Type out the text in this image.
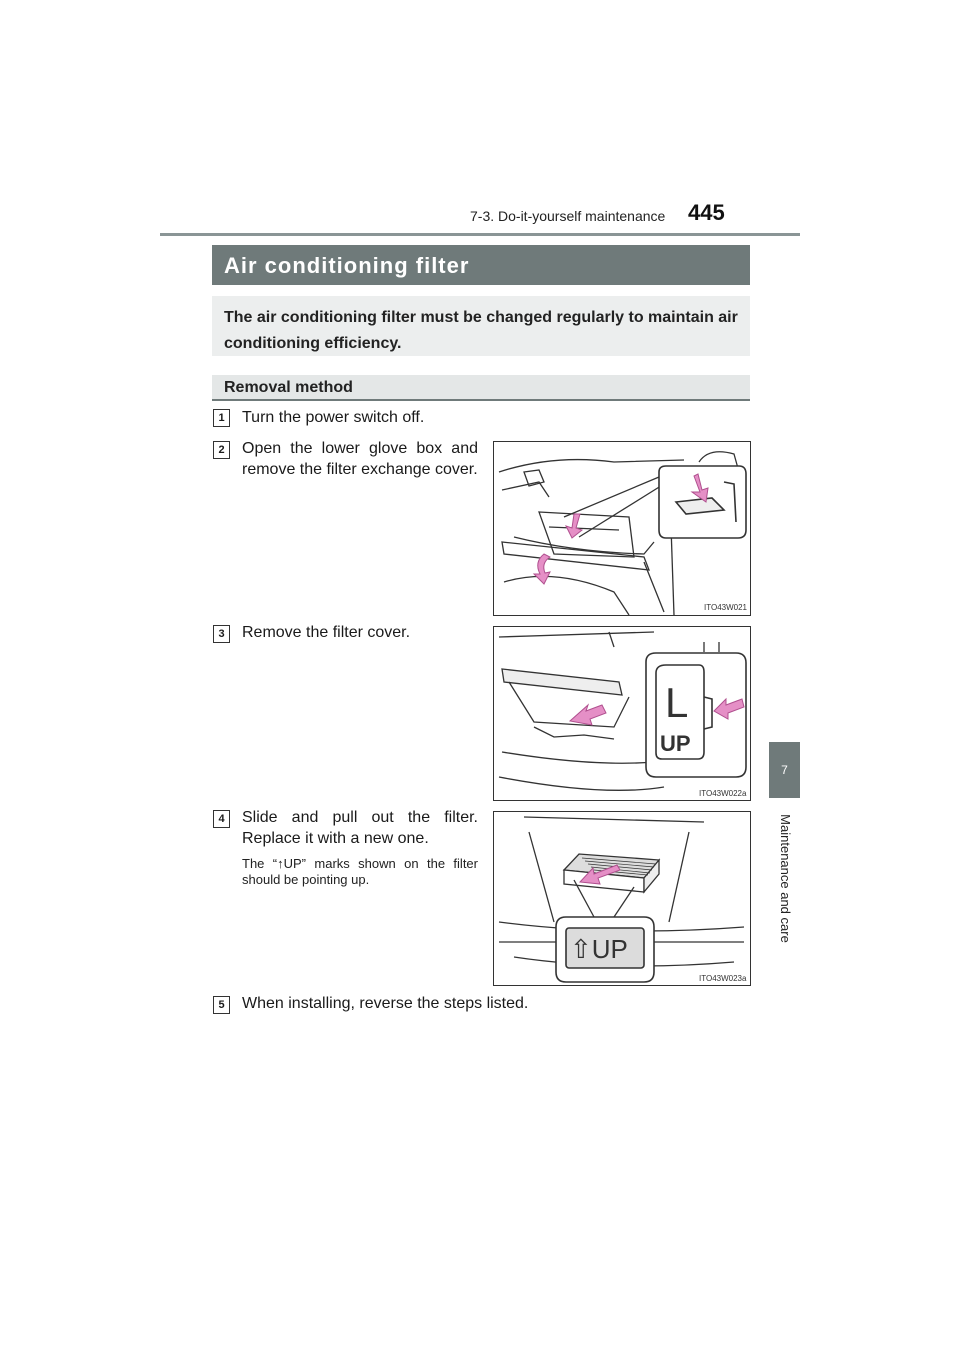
7-3. Do-it-yourself maintenance 445
7
Maintenance and care
Air conditioning filter
The air conditioning filter must be changed regularly to maintain air conditioning efficiency.
Removal method
1	Turn the power switch off.
2	Open the lower glove box and remove the filter exchange cover.
ITO43W021
3	Remove the filter cover.
L
UP
ITO43W022a
4	Slide and pull out the filter. Replace it with a new one.
The “↑UP” marks shown on the filter should be pointing up.
⇧UP
ITO43W023a
5	When installing, reverse the steps listed.
